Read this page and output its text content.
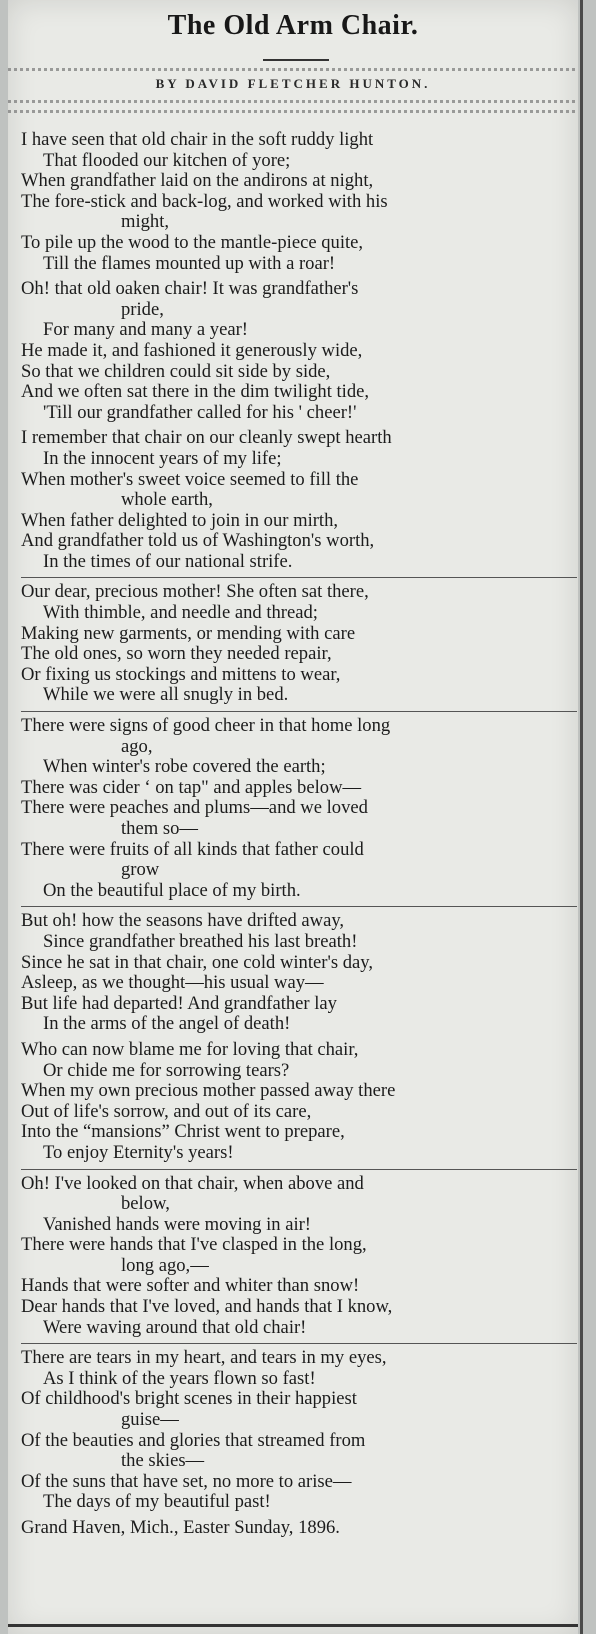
The Old Arm Chair.
BY DAVID FLETCHER HUNTON.
I have seen that old chair in the soft ruddy light
That flooded our kitchen of yore;
When grandfather laid on the andirons at night,
The fore-stick and back-log, and worked with his
might,
To pile up the wood to the mantle-piece quite,
Till the flames mounted up with a roar!
Oh! that old oaken chair! It was grandfather's
pride,
For many and many a year!
He made it, and fashioned it generously wide,
So that we children could sit side by side,
And we often sat there in the dim twilight tide,
'Till our grandfather called for his ' cheer!'
I remember that chair on our cleanly swept hearth
In the innocent years of my life;
When mother's sweet voice seemed to fill the
whole earth,
When father delighted to join in our mirth,
And grandfather told us of Washington's worth,
In the times of our national strife.
Our dear, precious mother! She often sat there,
With thimble, and needle and thread;
Making new garments, or mending with care
The old ones, so worn they needed repair,
Or fixing us stockings and mittens to wear,
While we were all snugly in bed.
There were signs of good cheer in that home long
ago,
When winter's robe covered the earth;
There was cider ‘ on tap" and apples below—
There were peaches and plums—and we loved
them so—
There were fruits of all kinds that father could
grow
On the beautiful place of my birth.
But oh! how the seasons have drifted away,
Since grandfather breathed his last breath!
Since he sat in that chair, one cold winter's day,
Asleep, as we thought—his usual way—
But life had departed! And grandfather lay
In the arms of the angel of death!
Who can now blame me for loving that chair,
Or chide me for sorrowing tears?
When my own precious mother passed away there
Out of life's sorrow, and out of its care,
Into the “mansions” Christ went to prepare,
To enjoy Eternity's years!
Oh! I've looked on that chair, when above and
below,
Vanished hands were moving in air!
There were hands that I've clasped in the long,
long ago,—
Hands that were softer and whiter than snow!
Dear hands that I've loved, and hands that I know,
Were waving around that old chair!
There are tears in my heart, and tears in my eyes,
As I think of the years flown so fast!
Of childhood's bright scenes in their happiest
guise—
Of the beauties and glories that streamed from
the skies—
Of the suns that have set, no more to arise—
The days of my beautiful past!
Grand Haven, Mich., Easter Sunday, 1896.
